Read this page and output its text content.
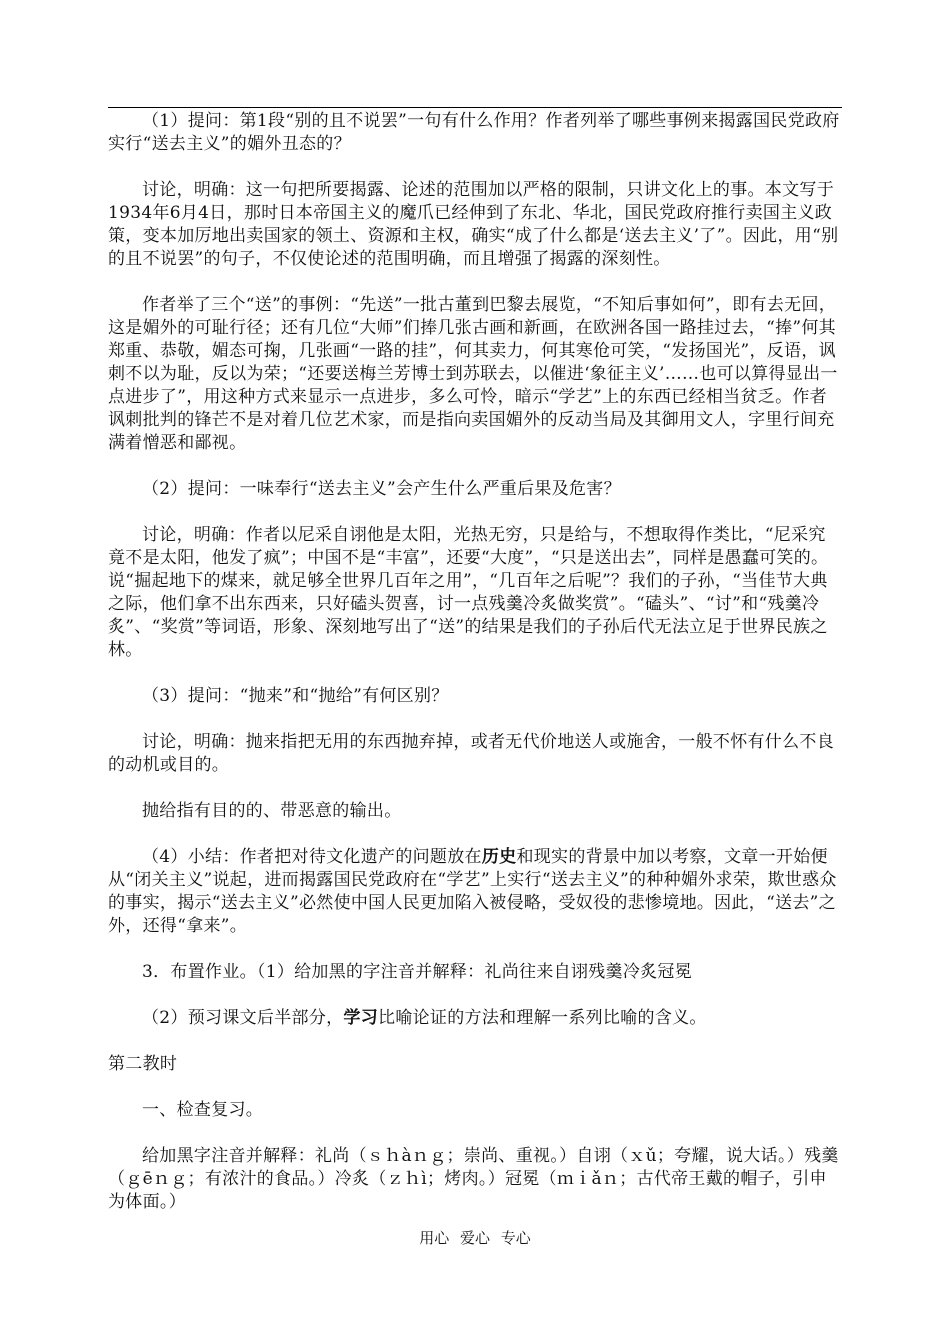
（1）提问：第1段“别的且不说罢”一句有什么作用？作者列举了哪些事例来揭露国民党政府实行“送去主义”的媚外丑态的？

讨论，明确：这一句把所要揭露、论述的范围加以严格的限制，只讲文化上的事。本文写于1934年6月4日，那时日本帝国主义的魔爪已经伸到了东北、华北，国民党政府推行卖国主义政策，变本加厉地出卖国家的领土、资源和主权，确实“成了什么都是‘送去主义’了”。因此，用“别的且不说罢”的句子，不仅使论述的范围明确，而且增强了揭露的深刻性。

作者举了三个“送”的事例：“先送”一批古董到巴黎去展览，“不知后事如何”，即有去无回，这是媚外的可耻行径；还有几位“大师”们捧几张古画和新画，在欧洲各国一路挂过去，“捧”何其郑重、恭敬，媚态可掬，几张画“一路的挂”，何其卖力，何其寒伧可笑，“发扬国光”，反语，讽刺不以为耻，反以为荣；“还要送梅兰芳博士到苏联去，以催进‘象征主义’……也可以算得显出一点进步了”，用这种方式来显示一点进步，多么可怜，暗示“学艺”上的东西已经相当贫乏。作者讽刺批判的锋芒不是对着几位艺术家，而是指向卖国媚外的反动当局及其御用文人，字里行间充满着憎恶和鄙视。

（2）提问：一味奉行“送去主义”会产生什么严重后果及危害？

讨论，明确：作者以尼采自诩他是太阳，光热无穷，只是给与，不想取得作类比，“尼采究竟不是太阳，他发了疯”；中国不是“丰富”，还要“大度”，“只是送出去”，同样是愚蠢可笑的。说“掘起地下的煤来，就足够全世界几百年之用”，“几百年之后呢”？我们的子孙，“当佳节大典之际，他们拿不出东西来，只好磕头贺喜，讨一点残羹冷炙做奖赏”。“磕头”、“讨”和“残羹冷炙”、“奖赏”等词语，形象、深刻地写出了“送”的结果是我们的子孙后代无法立足于世界民族之林。

（3）提问：“抛来”和“抛给”有何区别？

讨论，明确：抛来指把无用的东西抛弃掉，或者无代价地送人或施舍，一般不怀有什么不良的动机或目的。

抛给指有目的的、带恶意的输出。

（4）小结：作者把对待文化遗产的问题放在历史和现实的背景中加以考察，文章一开始便从“闭关主义”说起，进而揭露国民党政府在“学艺”上实行“送去主义”的种种媚外求荣，欺世惑众的事实，揭示“送去主义”必然使中国人民更加陷入被侵略，受奴役的悲惨境地。因此，“送去”之外，还得“拿来”。

3．布置作业。（1）给加黑的字注音并解释：礼尚往来自诩残羹冷炙冠冕

（2）预习课文后半部分，学习比喻论证的方法和理解一系列比喻的含义。

第二教时

一、检查复习。

给加黑字注音并解释：礼尚（ｓｈàｎｇ；崇尚、重视。）自诩（ｘǔ；夸耀，说大话。）残羹（ｇēｎｇ；有浓汁的食品。）冷炙（ｚｈì；烤肉。）冠冕（ｍｉǎｎ；古代帝王戴的帽子，引申为体面。）

用心 爱心 专心
